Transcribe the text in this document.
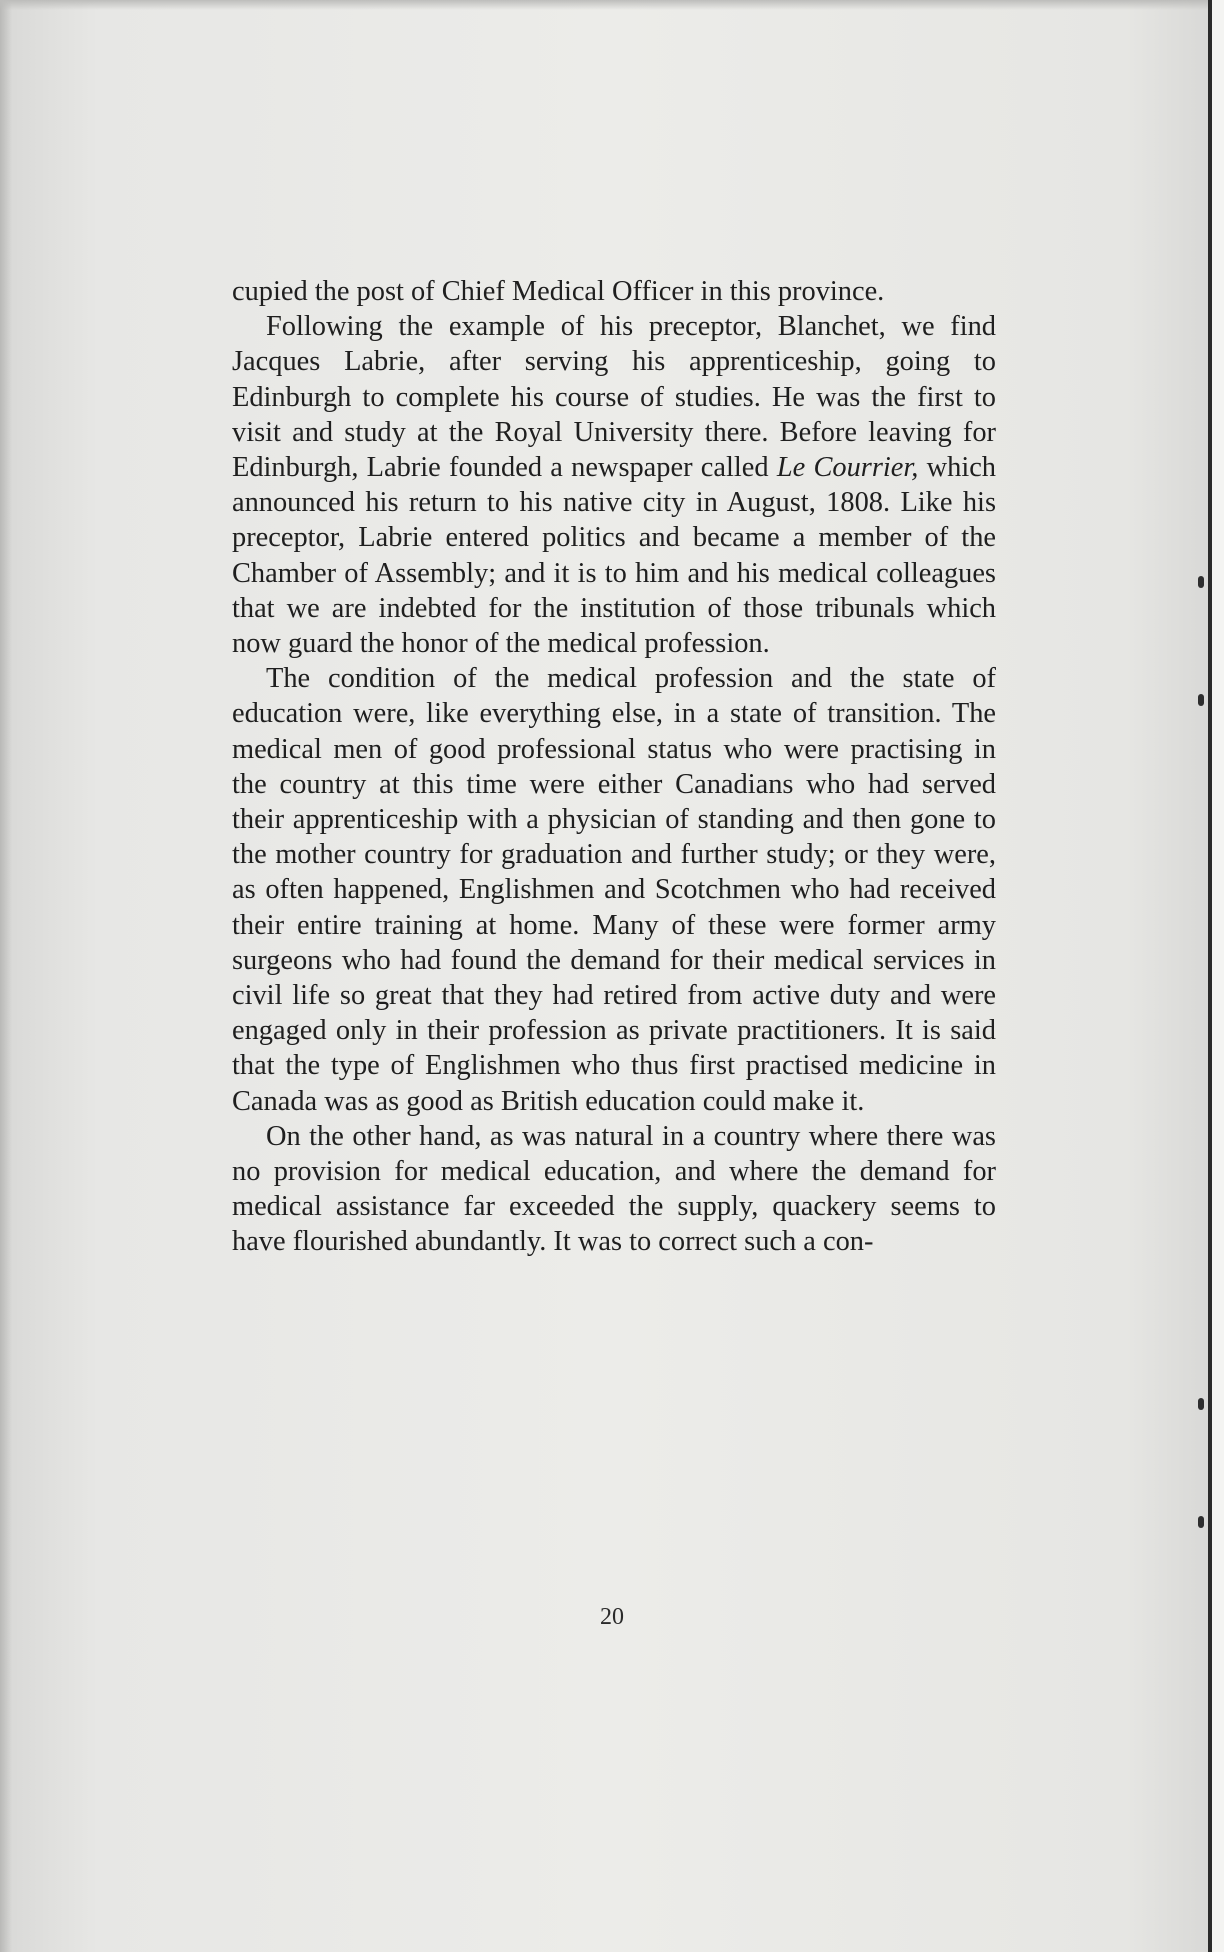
cupied the post of Chief Medical Officer in this province.

Following the example of his preceptor, Blanchet, we find Jacques Labrie, after serving his apprenticeship, going to Edinburgh to complete his course of studies. He was the first to visit and study at the Royal University there. Before leaving for Edinburgh, Labrie founded a newspaper called Le Courrier, which announced his return to his native city in August, 1808. Like his preceptor, Labrie entered politics and became a member of the Chamber of Assembly; and it is to him and his medical colleagues that we are indebted for the institution of those tribunals which now guard the honor of the medical profession.

The condition of the medical profession and the state of education were, like everything else, in a state of transition. The medical men of good professional status who were practising in the country at this time were either Canadians who had served their apprenticeship with a physician of standing and then gone to the mother country for graduation and further study; or they were, as often happened, Englishmen and Scotchmen who had received their entire training at home. Many of these were former army surgeons who had found the demand for their medical services in civil life so great that they had retired from active duty and were engaged only in their profession as private practitioners. It is said that the type of Englishmen who thus first practised medicine in Canada was as good as British education could make it.

On the other hand, as was natural in a country where there was no provision for medical education, and where the demand for medical assistance far exceeded the supply, quackery seems to have flourished abundantly. It was to correct such a con-

20
